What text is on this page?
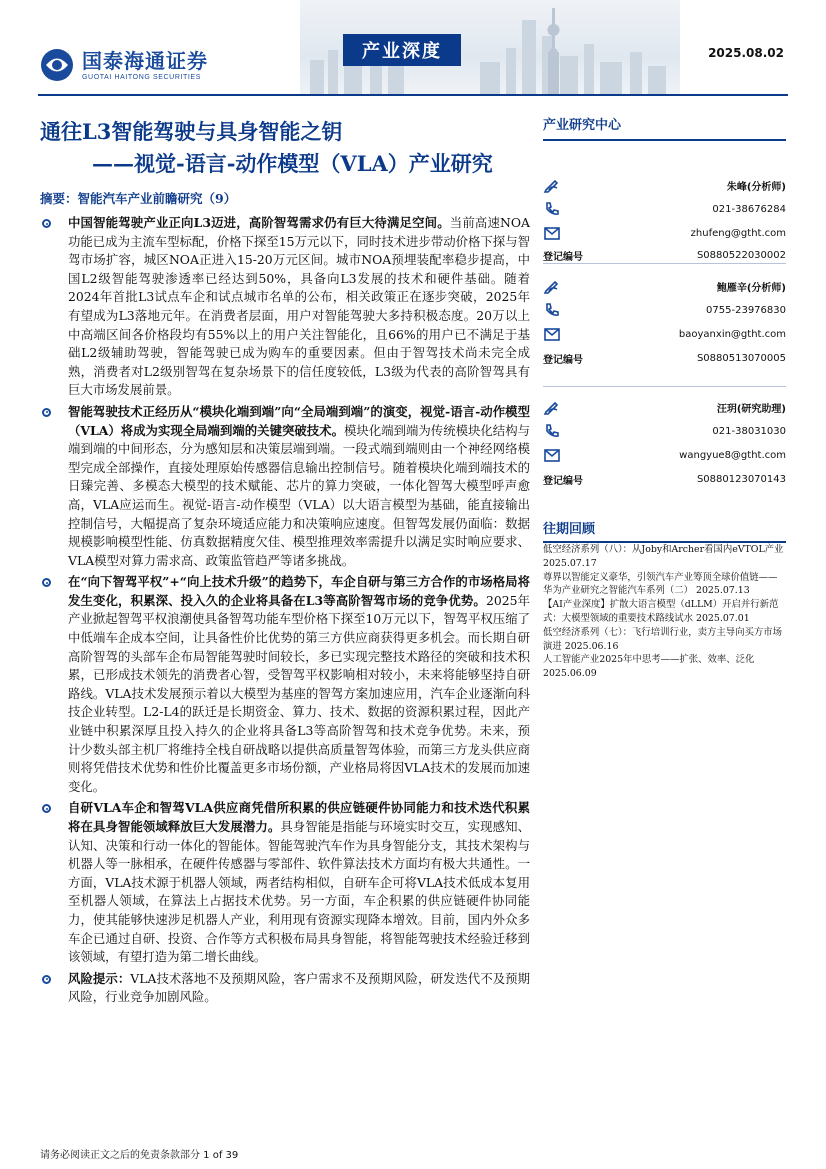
国泰海通证券
GUOTAI HAITONG SECURITIES
产业深度	2025.08.02
通往L3智能驾驶与具身智能之钥
——视觉-语言-动作模型（VLA）产业研究
摘要：智能汽车产业前瞻研究（9）
中国智能驾驶产业正向L3迈进，高阶智驾需求仍有巨大待满足空间。当前高速NOA功能已成为主流车型标配，价格下探至15万元以下，同时技术进步带动价格下探与智驾市场扩容，城区NOA正进入15-20万元区间。城市NOA预埋装配率稳步提高，中国L2级智能驾驶渗透率已经达到50%，具备向L3发展的技术和硬件基础。随着2024年首批L3试点车企和试点城市名单的公布，相关政策正在逐步突破，2025年有望成为L3落地元年。在消费者层面，用户对智能驾驶大多持积极态度。20万以上中高端区间各价格段均有55%以上的用户关注智能化，且66%的用户已不满足于基础L2级辅助驾驶，智能驾驶已成为购车的重要因素。但由于智驾技术尚未完全成熟，消费者对L2级别智驾在复杂场景下的信任度较低，L3级为代表的高阶智驾具有巨大市场发展前景。
智能驾驶技术正经历从“模块化端到端”向“全局端到端”的演变，视觉-语言-动作模型（VLA）将成为实现全局端到端的关键突破技术。模块化端到端为传统模块化结构与端到端的中间形态，分为感知层和决策层端到端。一段式端到端则由一个神经网络模型完成全部操作，直接处理原始传感器信息输出控制信号。随着模块化端到端技术的日臻完善、多模态大模型的技术赋能、芯片的算力突破，一体化智驾大模型呼声愈高，VLA应运而生。视觉-语言-动作模型（VLA）以大语言模型为基础，能直接输出控制信号，大幅提高了复杂环境适应能力和决策响应速度。但智驾发展仍面临：数据规模影响模型性能、仿真数据精度欠佳、模型推理效率需提升以满足实时响应要求、VLA模型对算力需求高、政策监管趋严等诸多挑战。
在“向下智驾平权”+“向上技术升级”的趋势下，车企自研与第三方合作的市场格局将发生变化，积累深、投入久的企业将具备在L3等高阶智驾市场的竞争优势。2025年产业掀起智驾平权浪潮使具备智驾功能车型价格下探至10万元以下，智驾平权压缩了中低端车企成本空间，让具备性价比优势的第三方供应商获得更多机会。而长期自研高阶智驾的头部车企布局智能驾驶时间较长，多已实现完整技术路径的突破和技术积累，已形成技术领先的消费者心智，受智驾平权影响相对较小，未来将能够坚持自研路线。VLA技术发展预示着以大模型为基座的智驾方案加速应用，汽车企业逐渐向科技企业转型。L2-L4的跃迁是长期资金、算力、技术、数据的资源积累过程，因此产业链中积累深厚且投入持久的企业将具备L3等高阶智驾和技术竞争优势。未来，预计少数头部主机厂将维持全栈自研战略以提供高质量智驾体验，而第三方龙头供应商则将凭借技术优势和性价比覆盖更多市场份额，产业格局将因VLA技术的发展而加速变化。
自研VLA车企和智驾VLA供应商凭借所积累的供应链硬件协同能力和技术迭代积累将在具身智能领域释放巨大发展潜力。具身智能是指能与环境实时交互，实现感知、认知、决策和行动一体化的智能体。智能驾驶汽车作为具身智能分支，其技术架构与机器人等一脉相承，在硬件传感器与零部件、软件算法技术方面均有极大共通性。一方面，VLA技术源于机器人领域，两者结构相似，自研车企可将VLA技术低成本复用至机器人领域，在算法上占据技术优势。另一方面，车企积累的供应链硬件协同能力，使其能够快速涉足机器人产业，利用现有资源实现降本增效。目前，国内外众多车企已通过自研、投资、合作等方式积极布局具身智能，将智能驾驶技术经验迁移到该领域，有望打造为第二增长曲线。
风险提示：VLA技术落地不及预期风险，客户需求不及预期风险，研发迭代不及预期风险，行业竞争加剧风险。
产业研究中心
朱峰(分析师)
021-38676284
zhufeng@gtht.com
登记编号	S0880522030002
鲍雁辛(分析师)
0755-23976830
baoyanxin@gtht.com
登记编号	S0880513070005
汪玥(研究助理)
021-38031030
wangyue8@gtht.com
登记编号	S0880123070143
往期回顾
低空经济系列（八）：从Joby和Archer看国内eVTOL产业 2025.07.17
尊界以智能定义豪华，引领汽车产业筹顶全球价值链——华为产业研究之智能汽车系列（二） 2025.07.13
【AI产业深度】扩散大语言模型（dLLM）开启并行新范式：大模型领域的重要技术路线试水 2025.07.01
低空经济系列（七）：飞行培训行业，卖方主导向买方市场演进 2025.06.16
人工智能产业2025年中思考——扩张、效率、泛化 2025.06.09
请务必阅读正文之后的免责条款部分 1 of 39
